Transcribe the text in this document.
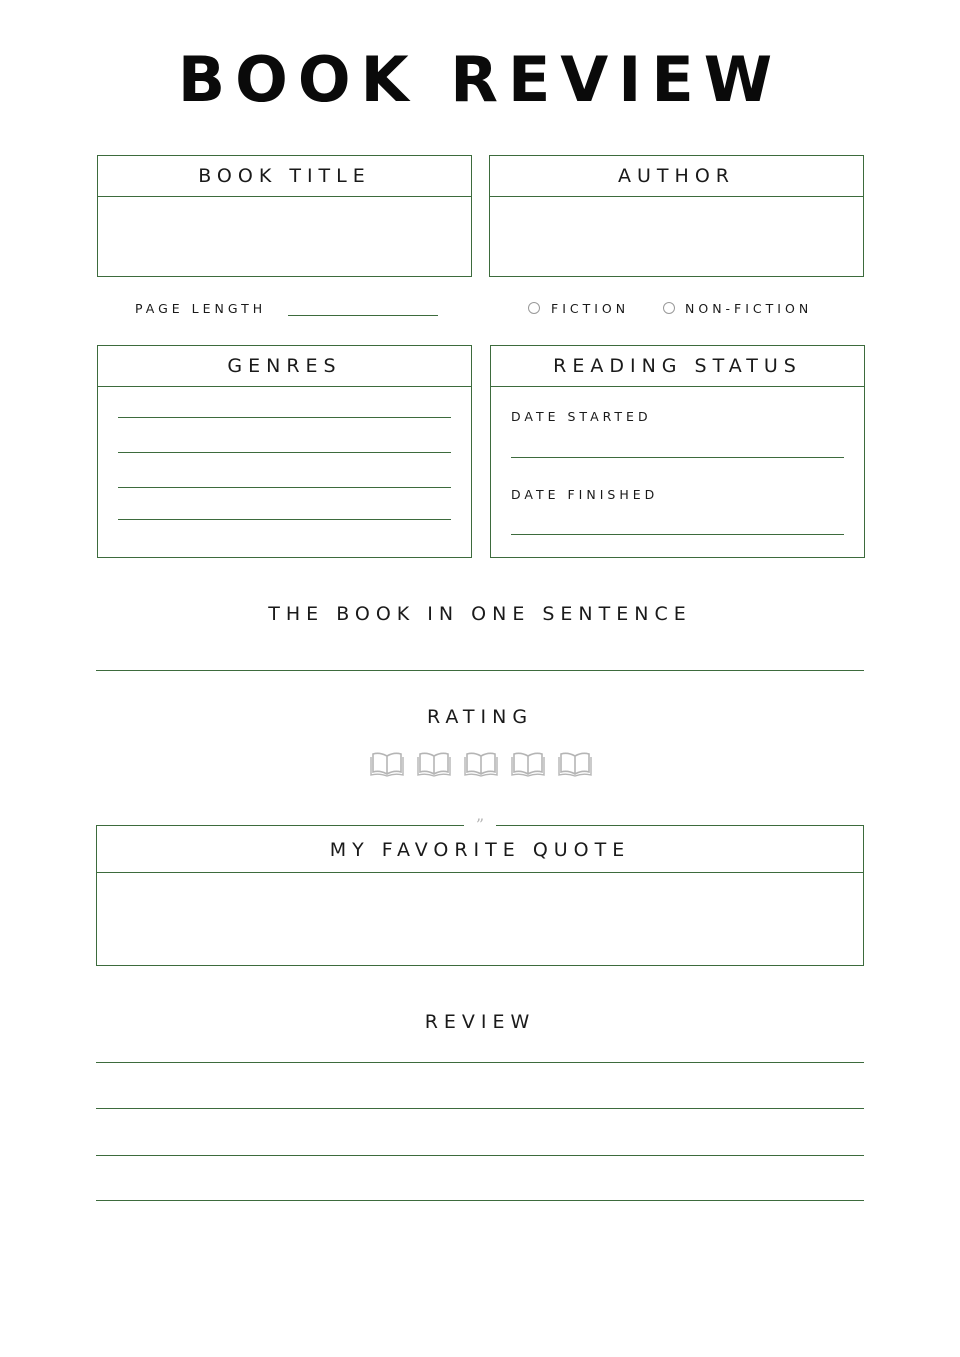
BOOK REVIEW
BOOK TITLE	AUTHOR
PAGE LENGTH	FICTION	NON-FICTION
GENRES	READING STATUS
DATE STARTED
DATE FINISHED
THE BOOK IN ONE SENTENCE
RATING
MY FAVORITE QUOTE
”
REVIEW
